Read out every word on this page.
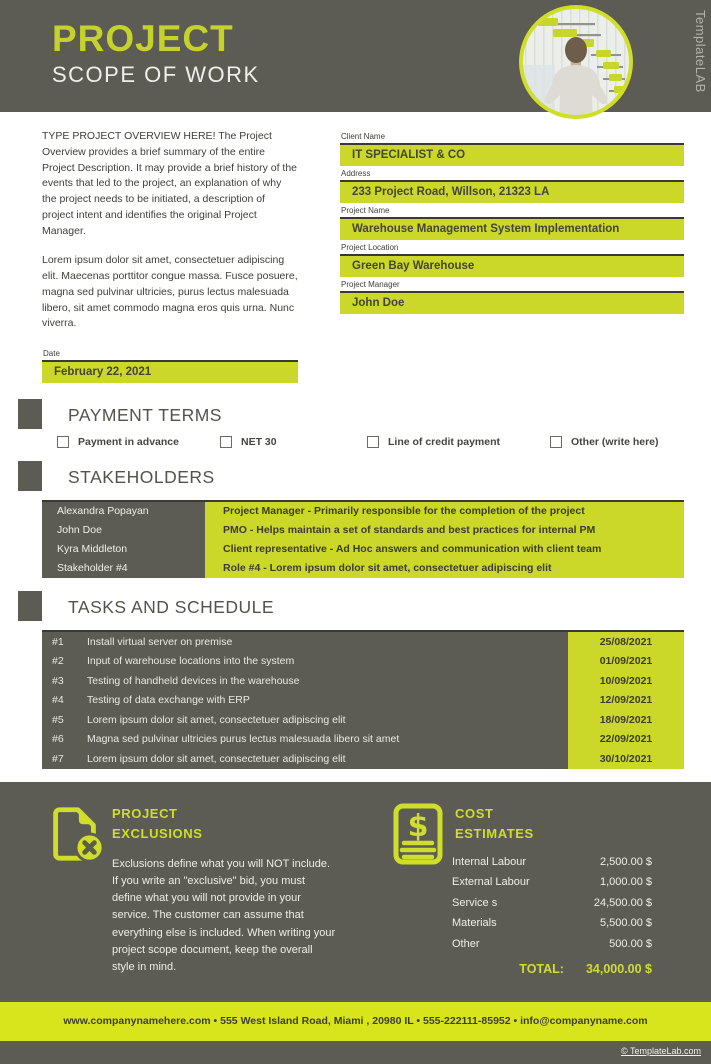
PROJECT
SCOPE OF WORK	TemplateLAB

TYPE PROJECT OVERVIEW HERE! The Project Overview provides a brief summary of the entire Project Description. It may provide a brief history of the events that led to the project, an explanation of why the project needs to be initiated, a description of project intent and identifies the original Project Manager.

Lorem ipsum dolor sit amet, consectetuer adipiscing elit. Maecenas porttitor congue massa. Fusce posuere, magna sed pulvinar ultricies, purus lectus malesuada libero, sit amet commodo magna eros quis urna. Nunc viverra.

Date
February 22, 2021
Client Name
IT SPECIALIST & CO
Address
233 Project Road, Willson, 21323 LA
Project Name
Warehouse Management System Implementation
Project Location
Green Bay Warehouse
Project Manager
John Doe
PAYMENT TERMS
Payment in advance	NET 30	Line of credit payment	Other (write here)
STAKEHOLDERS
Alexandra Popayan	Project Manager - Primarily responsible for the completion of the project
John Doe	PMO - Helps maintain a set of standards and best practices for internal PM
Kyra Middleton	Client representative - Ad Hoc answers and communication with client team
Stakeholder #4	Role #4 - Lorem ipsum dolor sit amet, consectetuer adipiscing elit
TASKS AND SCHEDULE
#1	Install virtual server on premise	25/08/2021
#2	Input of warehouse locations into the system	01/09/2021
#3	Testing of handheld devices in the warehouse	10/09/2021
#4	Testing of data exchange with ERP	12/09/2021
#5	Lorem ipsum dolor sit amet, consectetuer adipiscing elit	18/09/2021
#6	Magna sed pulvinar ultricies purus lectus malesuada libero sit amet	22/09/2021
#7	Lorem ipsum dolor sit amet, consectetuer adipiscing elit	30/10/2021
PROJECT
EXCLUSIONS
Exclusions define what you will NOT include. If you write an "exclusive" bid, you must define what you will not provide in your service. The customer can assume that everything else is included. When writing your project scope document, keep the overall style in mind.
$ COST
ESTIMATES
Internal Labour	2,500.00 $
External Labour	1,000.00 $
Service s	24,500.00 $
Materials	5,500.00 $
Other	500.00 $
TOTAL: 34,000.00 $
www.companynamehere.com • 555 West Island Road, Miami , 20980 IL • 555-222111-85952 • info@companyname.com
© TemplateLab.com
